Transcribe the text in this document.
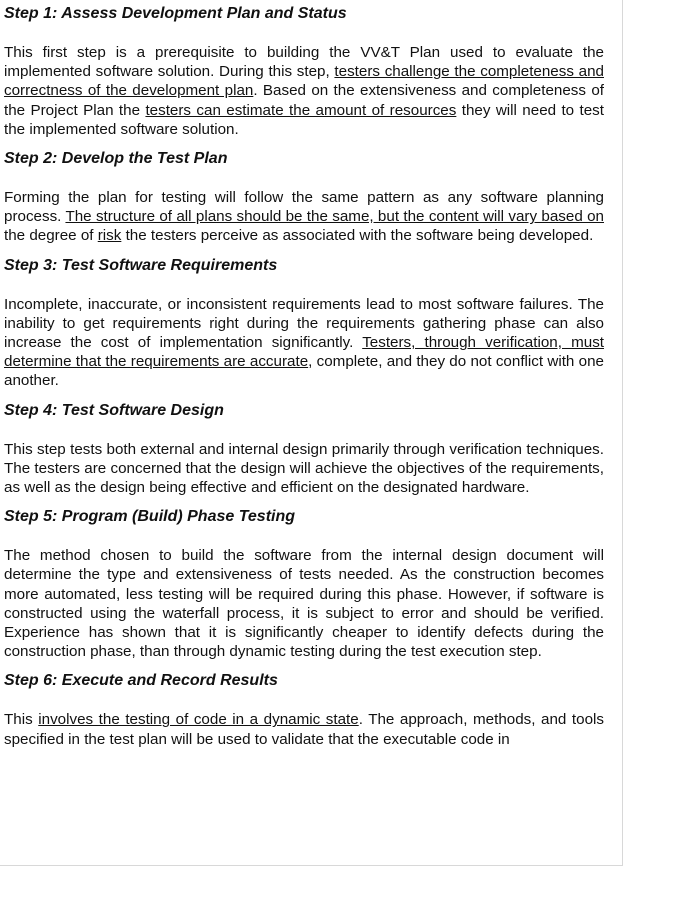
Step 1: Assess Development Plan and Status

This first step is a prerequisite to building the VV&T Plan used to evaluate the implemented software solution. During this step, testers challenge the completeness and correctness of the development plan. Based on the extensiveness and completeness of the Project Plan the testers can estimate the amount of resources they will need to test the implemented software solution.

Step 2: Develop the Test Plan

Forming the plan for testing will follow the same pattern as any software planning process. The structure of all plans should be the same, but the content will vary based on the degree of risk the testers perceive as associated with the software being developed.

Step 3: Test Software Requirements

Incomplete, inaccurate, or inconsistent requirements lead to most software failures. The inability to get requirements right during the requirements gathering phase can also increase the cost of implementation significantly. Testers, through verification, must determine that the requirements are accurate, complete, and they do not conflict with one another.

Step 4: Test Software Design

This step tests both external and internal design primarily through verification techniques. The testers are concerned that the design will achieve the objectives of the requirements, as well as the design being effective and efficient on the designated hardware.

Step 5: Program (Build) Phase Testing

The method chosen to build the software from the internal design document will determine the type and extensiveness of tests needed. As the construction becomes more automated, less testing will be required during this phase. However, if software is constructed using the waterfall process, it is subject to error and should be verified. Experience has shown that it is significantly cheaper to identify defects during the construction phase, than through dynamic testing during the test execution step.

Step 6: Execute and Record Results

This involves the testing of code in a dynamic state. The approach, methods, and tools specified in the test plan will be used to validate that the executable code in
